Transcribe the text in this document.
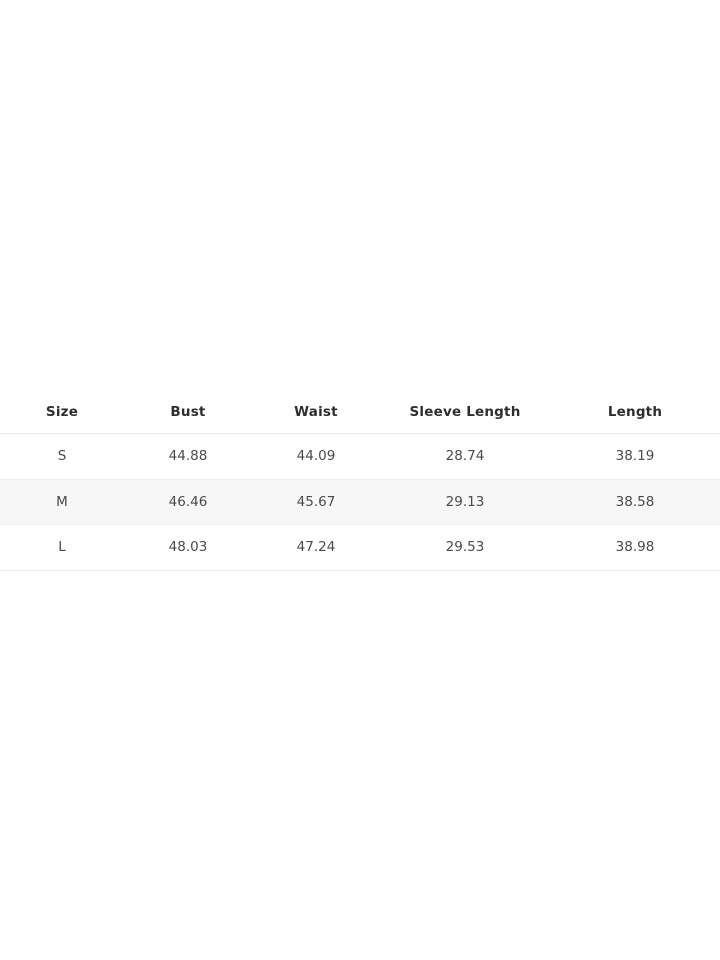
Size	Bust	Waist	Sleeve Length	Length
S	44.88	44.09	28.74	38.19
M	46.46	45.67	29.13	38.58
L	48.03	47.24	29.53	38.98
